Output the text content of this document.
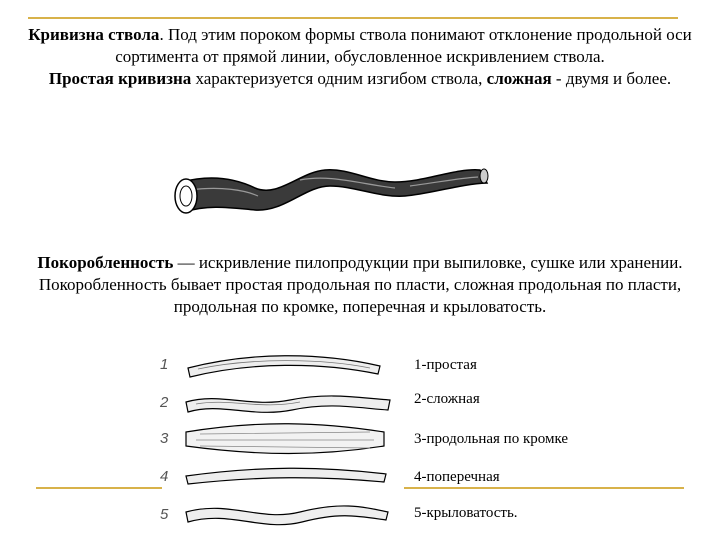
Кривизна ствола. Под этим пороком формы ствола понимают отклонение продольной оси сортимента от прямой линии, обусловленное искривлением ствола.
Простая кривизна характеризуется одним изгибом ствола, сложная - двумя и более.

Покоробленность — искривление пилопродукции при выпиловке, сушке или хранении. Покоробленность бывает простая продольная по пласти, сложная продольная по пласти, продольная по кромке, поперечная и крыловатость.

1
2
3
4
5
1-простая
2-сложная
3-продольная по кромке
4-поперечная
5-крыловатость.
